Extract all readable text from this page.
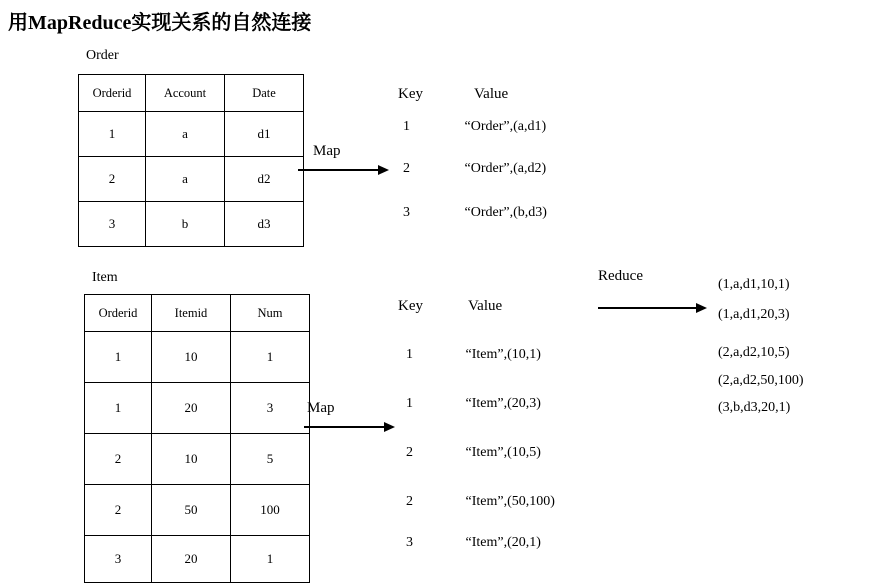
用MapReduce实现关系的自然连接
Order
Orderid	Account	Date
1	a	d1
2	a	d2
3	b	d3
Map
Key	Value
1	“Order”,(a,d1)
2	“Order”,(a,d2)
3	“Order”,(b,d3)
Item
Orderid	Itemid	Num
1	10	1
1	20	3
2	10	5
2	50	100
3	20	1
Map
Key	Value
1	“Item”,(10,1)
1	“Item”,(20,3)
2	“Item”,(10,5)
2	“Item”,(50,100)
3	“Item”,(20,1)
Reduce
(1,a,d1,10,1)
(1,a,d1,20,3)
(2,a,d2,10,5)
(2,a,d2,50,100)
(3,b,d3,20,1)
